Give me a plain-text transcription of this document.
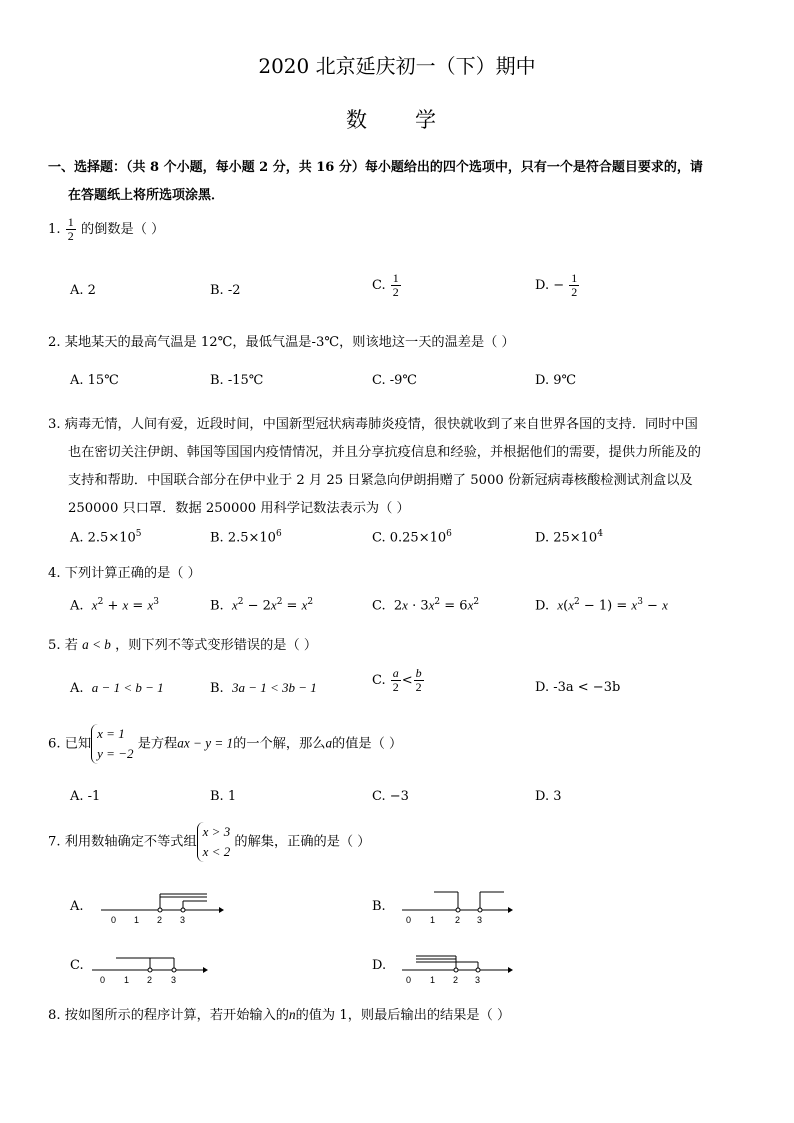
2020 北京延庆初一（下）期中
数学
一、选择题：（共 8 个小题，每小题 2 分，共 16 分）每小题给出的四个选项中，只有一个是符合题目要求的，请
在答题纸上将所选项涂黑．
1. $\frac{1}{2}$ 的倒数是（ ）
A. 2	B. -2	C. $\frac{1}{2}$	D. − $\frac{1}{2}$
2. 某地某天的最高气温是 12℃，最低气温是-3℃，则该地这一天的温差是（ ）
A. 15℃	B. -15℃	C. -9℃	D. 9℃
3. 病毒无情，人间有爱，近段时间，中国新型冠状病毒肺炎疫情，很快就收到了来自世界各国的支持．同时中国
也在密切关注伊朗、韩国等国国内疫情情况，并且分享抗疫信息和经验，并根据他们的需要，提供力所能及的
支持和帮助．中国联合部分在伊中业于 2 月 25 日紧急向伊朗捐赠了 5000 份新冠病毒核酸检测试剂盒以及
250000 只口罩．数据 250000 用科学记数法表示为（ ）
A. $2.5\times 10^5$	B. $2.5\times 10^6$	C. $0.25\times 10^6$	D. $25\times 10^4$
4. 下列计算正确的是（ ）
A. $x^2 + x = x^3$	B. $x^2 - 2x^2 = x^2$	C.  $2x \cdot 3x^2 = 6x^2$	D. $x(x^2 - 1) = x^3 - x$
5. 若 a < b ，则下列不等式变形错误的是（ ）
A. a − 1 < b − 1	B. 3a − 1 < 3b − 1	C. $\frac{a}{2} < \frac{b}{2}$	D. -3a < −3b
6. 已知
x = 1
y = −2
是方程ax − y = 1的一个解，那么a的值是（ ）
A. -1	B. 1	C. −3	D. 3
7. 利用数轴确定不等式组
x > 3
x < 2
的解集，正确的是（ ）
A.	B.
C.	D.
0 1 2 3	0 1 2 3
0 1 2 3	0 1 2 3
8. 按如图所示的程序计算，若开始输入的n的值为 1，则最后输出的结果是（ ）
